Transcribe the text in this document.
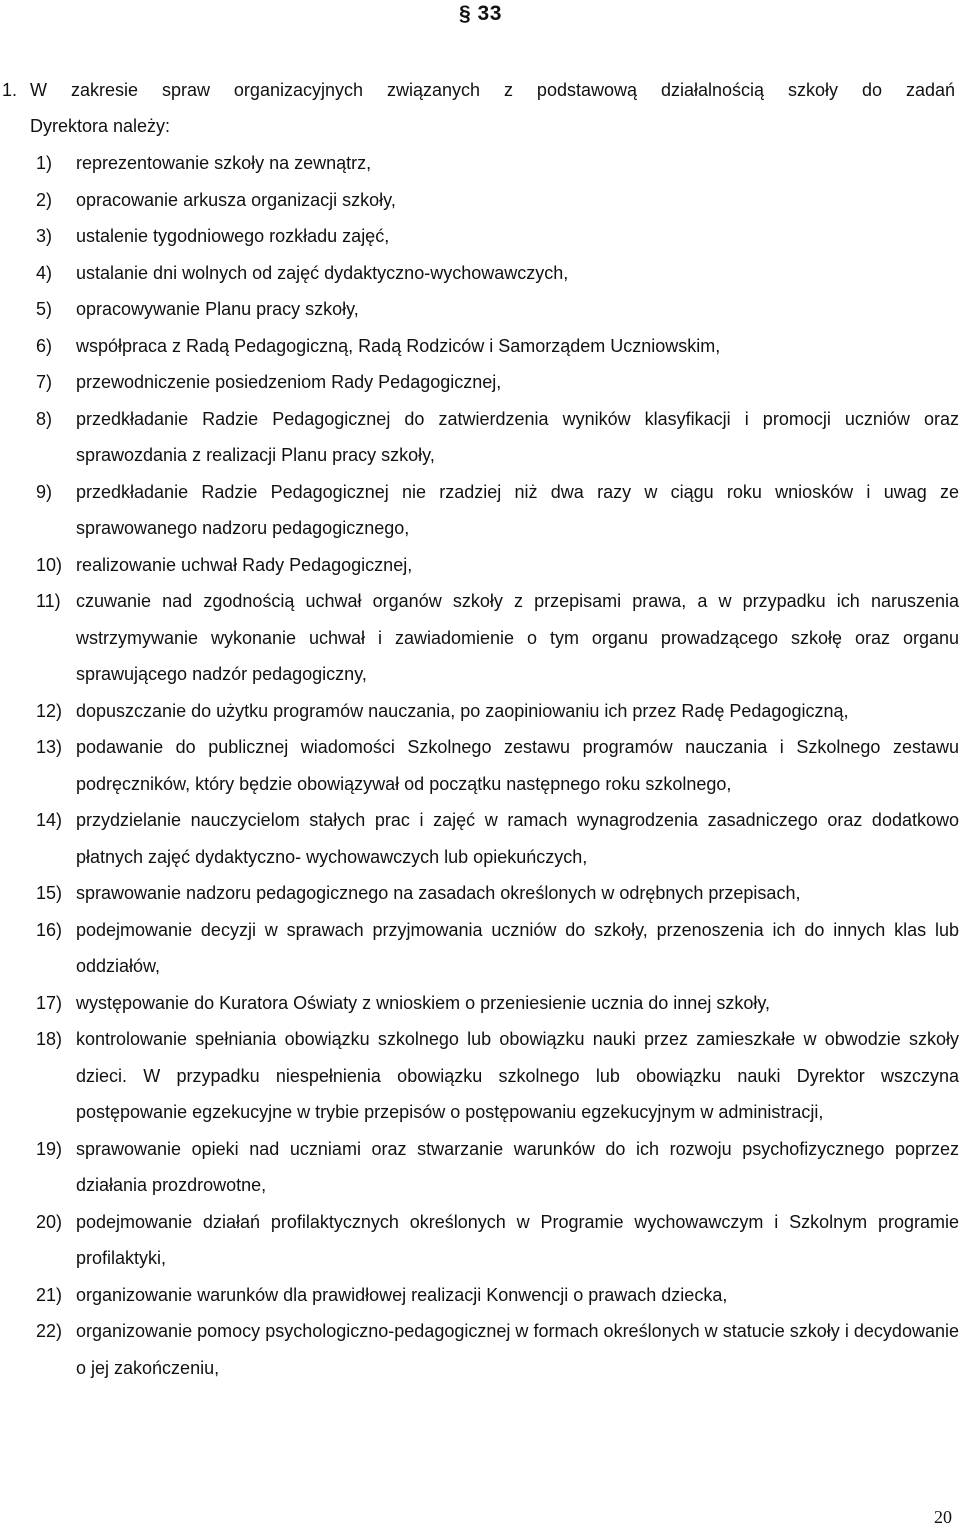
§ 33
1. W zakresie spraw organizacyjnych związanych z podstawową działalnością szkoły do zadań
Dyrektora należy:
1)	reprezentowanie szkoły na zewnątrz,
2)	opracowanie arkusza organizacji szkoły,
3)	ustalenie tygodniowego rozkładu zajęć,
4)	ustalanie dni wolnych od zajęć dydaktyczno-wychowawczych,
5)	opracowywanie Planu pracy szkoły,
6)	współpraca z Radą Pedagogiczną, Radą Rodziców i Samorządem Uczniowskim,
7)	przewodniczenie posiedzeniom Rady Pedagogicznej,
8)	przedkładanie Radzie Pedagogicznej do zatwierdzenia wyników klasyfikacji i promocji uczniów oraz sprawozdania z realizacji Planu pracy szkoły,
9)	przedkładanie Radzie Pedagogicznej nie rzadziej niż dwa razy w ciągu roku wniosków i uwag ze sprawowanego nadzoru pedagogicznego,
10) realizowanie uchwał Rady Pedagogicznej,
11) czuwanie nad zgodnością uchwał organów szkoły z przepisami prawa, a w przypadku ich naruszenia wstrzymywanie wykonanie uchwał i zawiadomienie o tym organu prowadzącego szkołę oraz organu sprawującego nadzór pedagogiczny,
12) dopuszczanie do użytku programów nauczania, po zaopiniowaniu ich przez Radę Pedagogiczną,
13) podawanie do publicznej wiadomości Szkolnego zestawu programów nauczania i Szkolnego zestawu podręczników, który będzie obowiązywał od początku następnego roku szkolnego,
14) przydzielanie nauczycielom stałych prac i zajęć w ramach wynagrodzenia zasadniczego oraz dodatkowo płatnych zajęć dydaktyczno- wychowawczych lub opiekuńczych,
15) sprawowanie nadzoru pedagogicznego na zasadach określonych w odrębnych przepisach,
16) podejmowanie decyzji w sprawach przyjmowania uczniów do szkoły, przenoszenia ich do innych klas lub oddziałów,
17) występowanie do Kuratora Oświaty z wnioskiem o przeniesienie ucznia do innej szkoły,
18) kontrolowanie spełniania obowiązku szkolnego lub obowiązku nauki przez zamieszkałe w obwodzie szkoły dzieci. W przypadku niespełnienia obowiązku szkolnego lub obowiązku nauki Dyrektor wszczyna postępowanie egzekucyjne w trybie przepisów o postępowaniu egzekucyjnym w administracji,
19) sprawowanie opieki nad uczniami oraz stwarzanie warunków do ich rozwoju psychofizycznego poprzez działania prozdrowotne,
20) podejmowanie działań profilaktycznych określonych w Programie wychowawczym i Szkolnym programie profilaktyki,
21) organizowanie warunków dla prawidłowej realizacji Konwencji o prawach dziecka,
22) organizowanie pomocy psychologiczno-pedagogicznej w formach określonych w statucie szkoły i decydowanie o jej zakończeniu,
20
